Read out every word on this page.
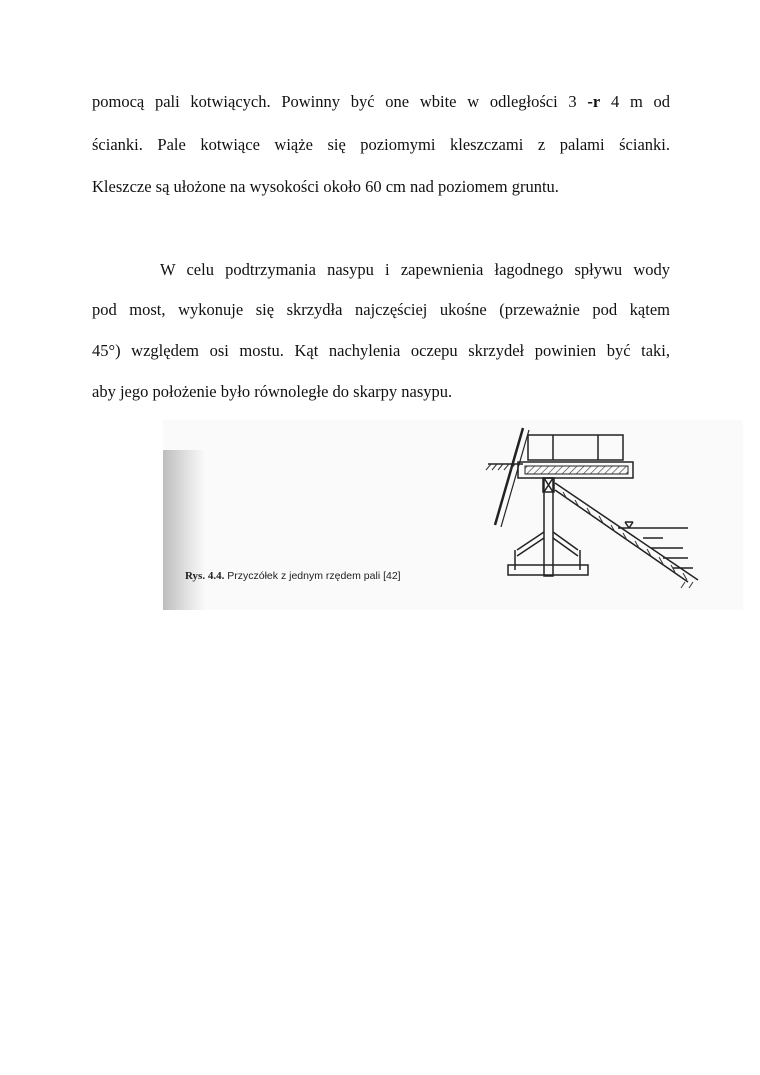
pomocą pali kotwiących. Powinny być one wbite w odległości 3 -r 4 m od
ścianki. Pale kotwiące wiąże się poziomymi kleszczami z palami ścianki.
Kleszcze są ułożone na wysokości około 60 cm nad poziomem gruntu.
W celu podtrzymania nasypu i zapewnienia łagodnego spływu wody
pod most, wykonuje się skrzydła najczęściej ukośne (przeważnie pod kątem
45°) względem osi mostu. Kąt nachylenia oczepu skrzydeł powinien być taki,
aby jego położenie było równoległe do skarpy nasypu.
Rys. 4.4. Przyczółek z jednym rzędem pali [42]
